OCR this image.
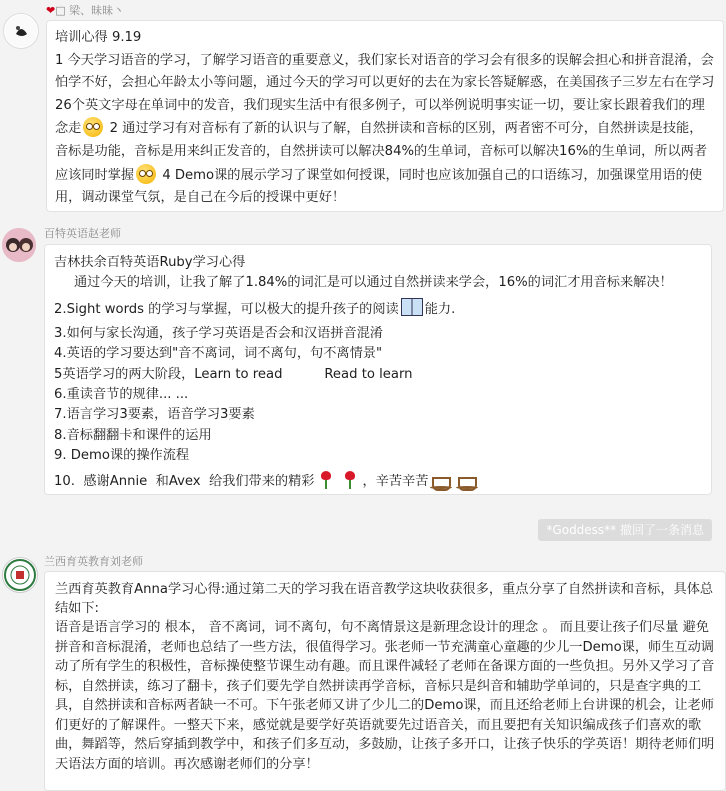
❤□ 梁、昧昧丶

培训心得 9.19
1 今天学习语音的学习，了解学习语音的重要意义，我们家长对语音的学习会有很多的误解会担心和拼音混淆，会怕学不好，会担心年龄太小等问题，通过今天的学习可以更好的去在为家长答疑解惑，在美国孩子三岁左右在学习26个英文字母在单词中的发音，我们现实生活中有很多例子，可以举例说明事实证一切，要让家长跟着我们的理念走 2 通过学习有对音标有了新的认识与了解，自然拼读和音标的区别，两者密不可分，自然拼读是技能，音标是功能，音标是用来纠正发音的，自然拼读可以解决84%的生单词，音标可以解决16%的生单词，所以两者应该同时掌握 4 Demo课的展示学习了课堂如何授课，同时也应该加强自己的口语练习，加强课堂用语的使用，调动课堂气氛，是自己在今后的授课中更好！

百特英语赵老师
吉林扶余百特英语Ruby学习心得
通过今天的培训，让我了解了1.84%的词汇是可以通过自然拼读来学会，16%的词汇才用音标来解决！
2.Sight words 的学习与掌握，可以极大的提升孩子的阅读 能力.
3.如何与家长沟通，孩子学习英语是否会和汉语拼音混淆
4.英语的学习要达到"音不离词，词不离句，句不离情景"
5英语学习的两大阶段，Learn to read          Read to learn
6.重读音节的规律... ...
7.语言学习3要素，语音学习3要素
8.音标翻翻卡和课件的运用
9. Demo课的操作流程
10.  感谢Annie  和Avex  给我们带来的精彩	，辛苦辛苦
*Goddess** 撤回了一条消息
兰西育英教育刘老师

兰西育英教育Anna学习心得:通过第二天的学习我在语音教学这块收获很多，重点分享了自然拼读和音标，具体总结如下:

语音是语言学习的 根本， 音不离词，词不离句，句不离情景这是新理念设计的理念 。 而且要让孩子们尽量 避免拼音和音标混淆，老师也总结了一些方法，很值得学习。张老师一节充满童心童趣的少儿一Demo课，师生互动调动了所有学生的积极性，音标操使整节课生动有趣。而且课件减轻了老师在备课方面的一些负担。另外又学习了音标，自然拼读，练习了翻卡，孩子们要先学自然拼读再学音标，音标只是纠音和辅助学单词的，只是查字典的工具，自然拼读和音标两者缺一不可。下午张老师又讲了少儿二的Demo课，而且还给老师上台讲课的机会，让老师们更好的了解课件。一整天下来，感觉就是要学好英语就要先过语音关，而且要把有关知识编成孩子们喜欢的歌曲，舞蹈等，然后穿插到教学中，和孩子们多互动，多鼓励，让孩子多开口，让孩子快乐的学英语！期待老师们明天语法方面的培训。再次感谢老师们的分享！
